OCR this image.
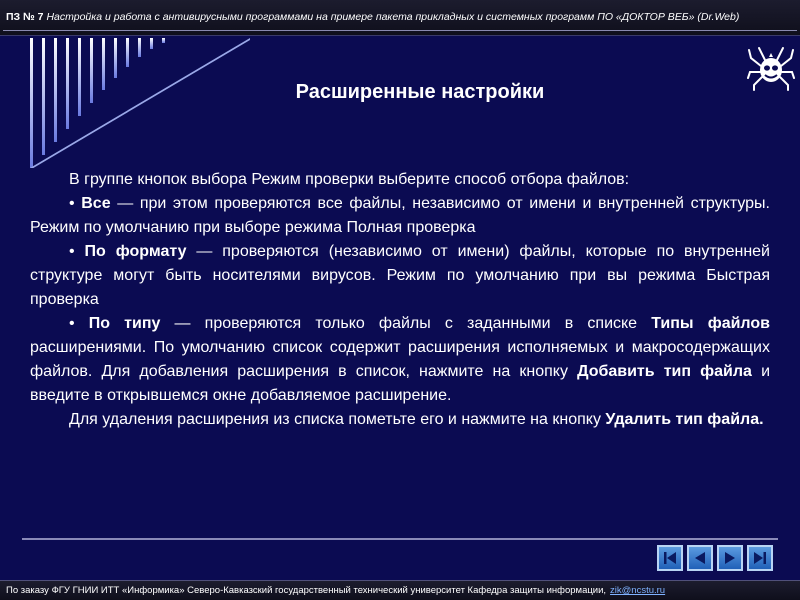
ПЗ № 7 Настройка и работа с антивирусными программами на примере пакета прикладных и системных программ ПО «ДОКТОР ВЕБ» (Dr.Web)
Расширенные настройки

В группе кнопок выбора Режим проверки выберите способ отбора файлов:

• Все — при этом проверяются все файлы, независимо от имени и внутренней структуры. Режим по умолчанию при выборе режима Полная проверка

• По формату — проверяются (независимо от имени) файлы, которые по внутренней структуре могут быть носителями вирусов. Режим по умолчанию при вы режима Быстрая проверка

• По типу — проверяются только файлы с заданными в списке Типы файлов расширениями. По умолчанию список содержит расширения исполняемых и макросодержащих файлов. Для добавления расширения в список, нажмите на кнопку Добавить тип файла и введите в открывшемся окне добавляемое расширение.

Для удаления расширения из списка пометьте его и нажмите на кнопку Удалить тип файла.

По заказу ФГУ ГНИИ ИТТ «Информика» Северо-Кавказский государственный технический университет Кафедра защиты информации, zik@ncstu.ru
